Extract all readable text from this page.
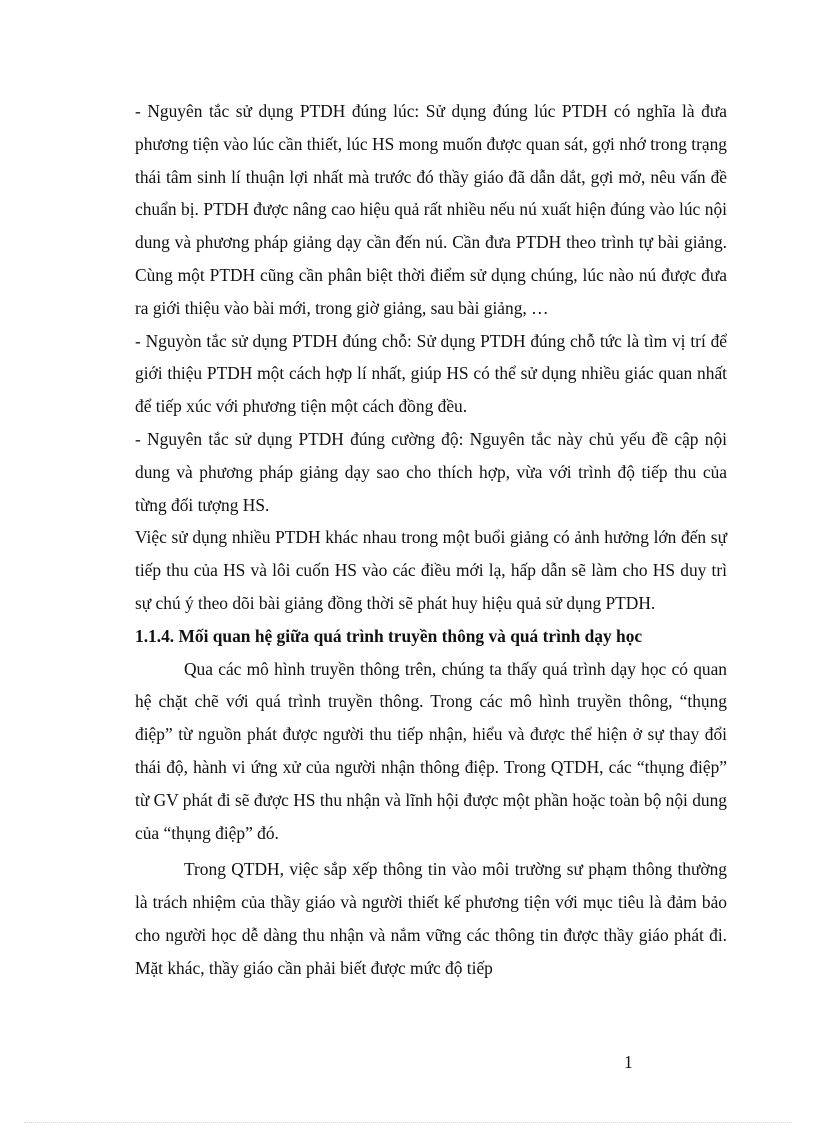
- Nguyên tắc sử dụng PTDH đúng lúc: Sử dụng đúng lúc PTDH có nghĩa là đưa phương tiện vào lúc cần thiết, lúc HS mong muốn được quan sát, gợi nhớ trong trạng thái tâm sinh lí thuận lợi nhất mà trước đó thầy giáo đã dẫn dắt, gợi mở, nêu vấn đề chuẩn bị. PTDH được nâng cao hiệu quả rất nhiều nếu nú xuất hiện đúng vào lúc nội dung và phương pháp giảng dạy cần đến nú. Cần đưa PTDH theo trình tự bài giảng. Cùng một PTDH cũng cần phân biệt thời điểm sử dụng chúng, lúc nào nú được đưa ra giới thiệu vào bài mới, trong giờ giảng, sau bài giảng, …

- Nguyòn tắc sử dụng PTDH đúng chỗ: Sử dụng PTDH đúng chỗ tức là tìm vị trí để giới thiệu PTDH một cách hợp lí nhất, giúp HS có thể sử dụng nhiều giác quan nhất để tiếp xúc với phương tiện một cách đồng đều.

- Nguyên tắc sử dụng PTDH đúng cường độ: Nguyên tắc này chủ yếu đề cập nội dung và phương pháp giảng dạy sao cho thích hợp, vừa với trình độ tiếp thu của từng đối tượng HS.

Việc sử dụng nhiều PTDH khác nhau trong một buổi giảng có ảnh hưởng lớn đến sự tiếp thu của HS và lôi cuốn HS vào các điều mới lạ, hấp dẫn sẽ làm cho HS duy trì sự chú ý theo dõi bài giảng đồng thời sẽ phát huy hiệu quả sử dụng PTDH.

1.1.4. Mối quan hệ giữa quá trình truyền thông và quá trình dạy học

Qua các mô hình truyền thông trên, chúng ta thấy quá trình dạy học có quan hệ chặt chẽ với quá trình truyền thông. Trong các mô hình truyền thông, “thụng điệp” từ nguồn phát được người thu tiếp nhận, hiểu và được thể hiện ở sự thay đổi thái độ, hành vi ứng xử của người nhận thông điệp. Trong QTDH, các “thụng điệp” từ GV phát đi sẽ được HS thu nhận và lĩnh hội được một phần hoặc toàn bộ nội dung của “thụng điệp” đó.

Trong QTDH, việc sắp xếp thông tin vào môi trường sư phạm thông thường là trách nhiệm của thầy giáo và người thiết kế phương tiện với mục tiêu là đảm bảo cho người học dễ dàng thu nhận và nắm vững các thông tin được thầy giáo phát đi. Mặt khác, thầy giáo cần phải biết được mức độ tiếp

1
